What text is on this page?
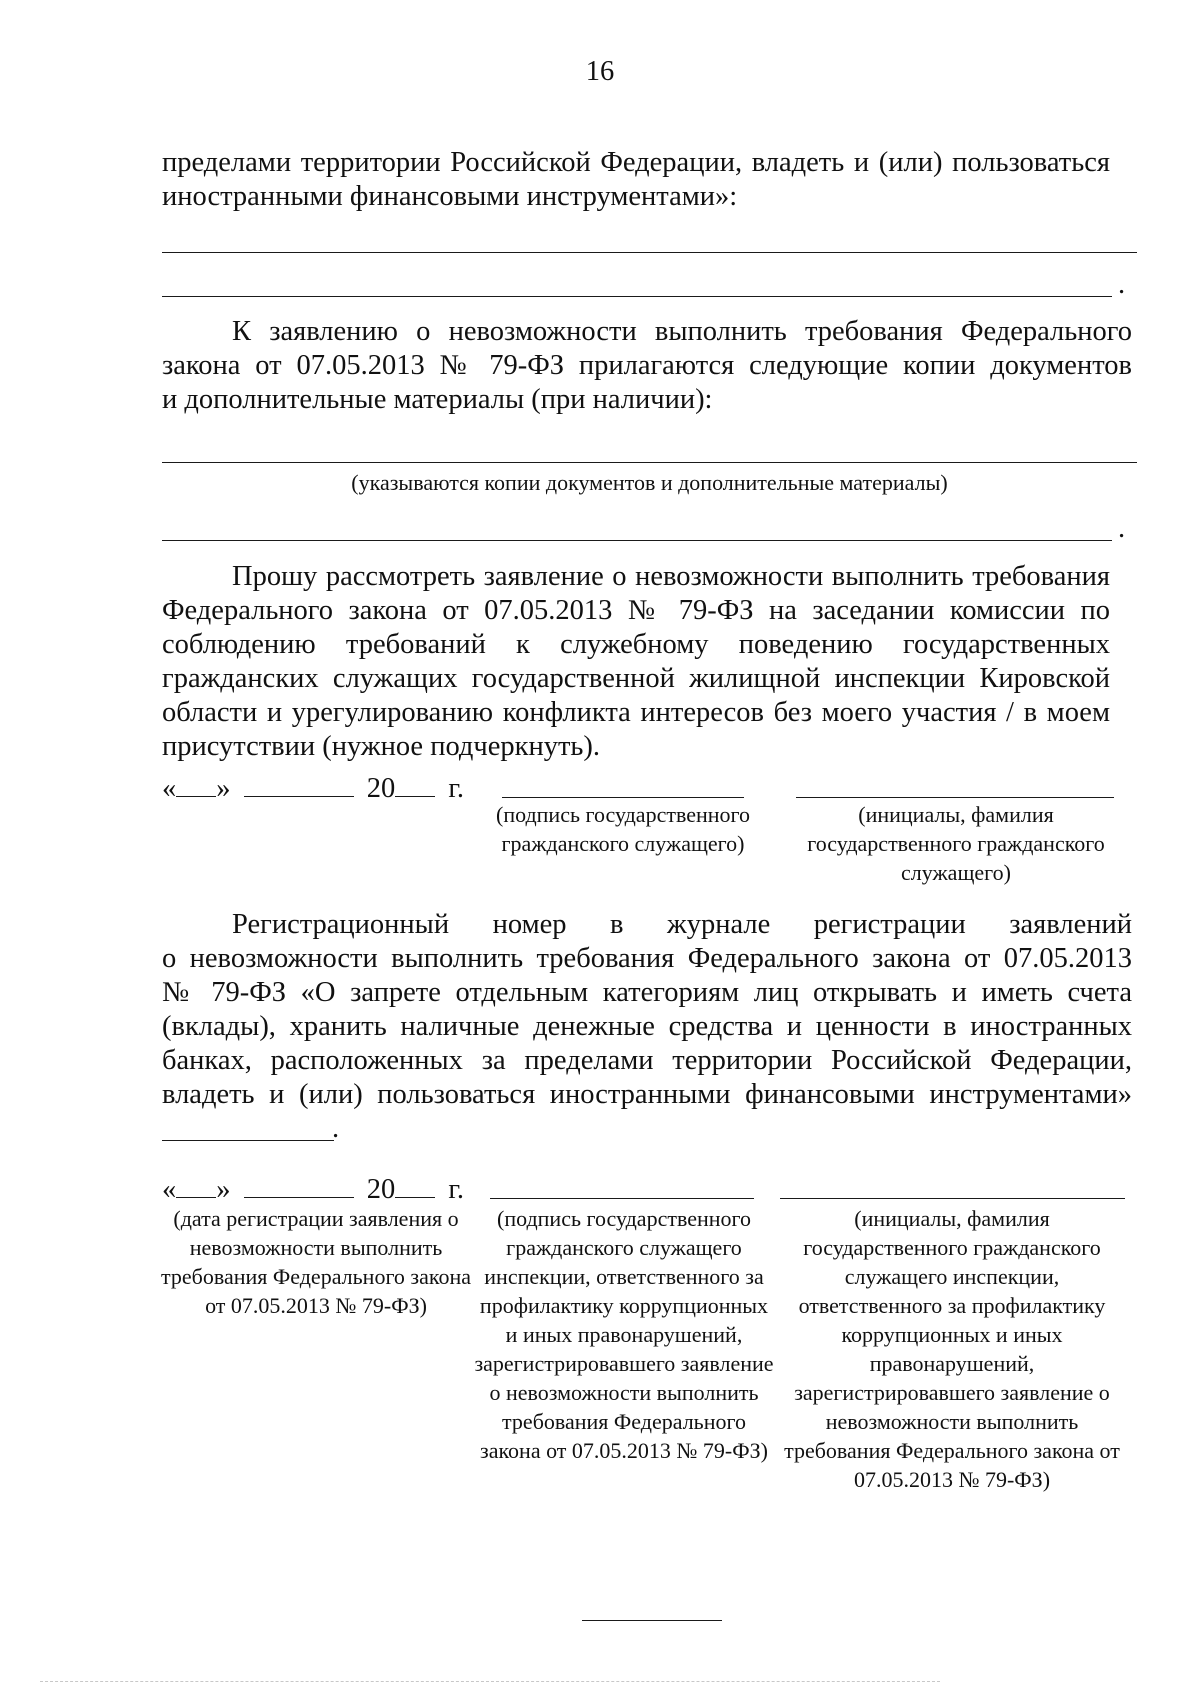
16
пределами территории Российской Федерации, владеть и (или) пользоваться
иностранными финансовыми инструментами»:
.
К заявлению о невозможности выполнить требования Федерального
закона от 07.05.2013 № 79-ФЗ прилагаются следующие копии документов
и дополнительные материалы (при наличии):
(указываются копии документов и дополнительные материалы)
.
Прошу рассмотреть заявление о невозможности выполнить требования
Федерального закона от 07.05.2013 № 79-ФЗ на заседании комиссии по
соблюдению требований к служебному поведению государственных
гражданских служащих государственной жилищной инспекции Кировской
области и урегулированию конфликта интересов без моего участия / в моем
присутствии (нужное подчеркнуть).
« »	20 г.
(подпись государственного гражданского служащего)
(инициалы, фамилия государственного гражданского служащего)
Регистрационный номер в журнале регистрации заявлений
о невозможности выполнить требования Федерального закона от 07.05.2013
№ 79-ФЗ «О запрете отдельным категориям лиц открывать и иметь счета
(вклады), хранить наличные денежные средства и ценности в иностранных
банках, расположенных за пределами территории Российской Федерации,
владеть и (или) пользоваться иностранными финансовыми инструментами»
.
« »	20 г.
(дата регистрации заявления о невозможности выполнить требования Федерального закона от 07.05.2013 № 79-ФЗ)
(подпись государственного гражданского служащего инспекции, ответственного за профилактику коррупционных и иных правонарушений, зарегистрировавшего заявление о невозможности выполнить требования Федерального закона от 07.05.2013 № 79-ФЗ)
(инициалы, фамилия государственного гражданского служащего инспекции, ответственного за профилактику коррупционных и иных правонарушений, зарегистрировавшего заявление о невозможности выполнить требования Федерального закона от 07.05.2013 № 79-ФЗ)
